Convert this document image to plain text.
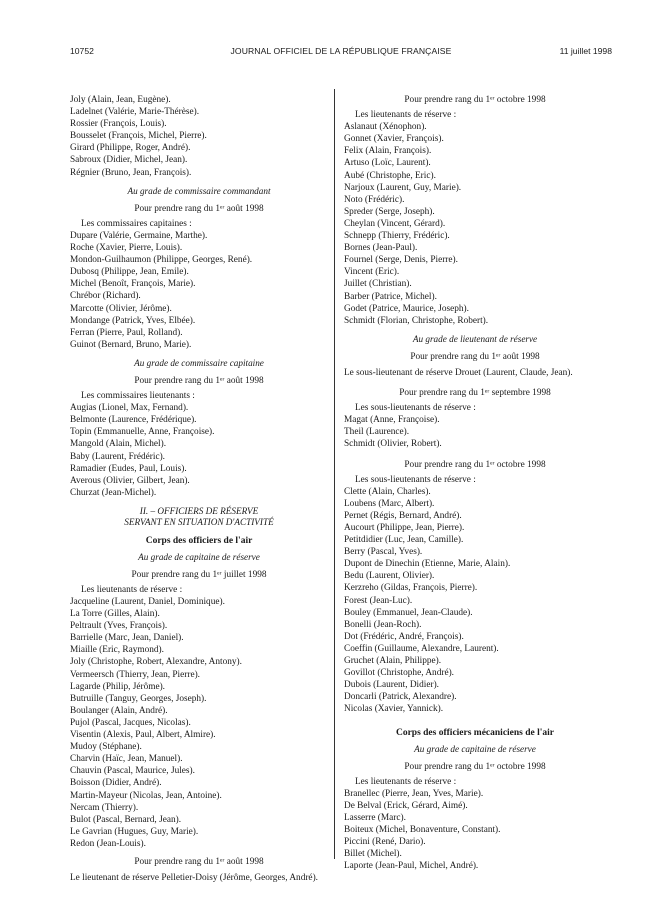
10752	JOURNAL OFFICIEL DE LA RÉPUBLIQUE FRANÇAISE	11 juillet 1998
Joly (Alain, Jean, Eugène).
Ladelnet (Valérie, Marie-Thérèse).
Rossier (François, Louis).
Bousselet (François, Michel, Pierre).
Girard (Philippe, Roger, André).
Sabroux (Didier, Michel, Jean).
Régnier (Bruno, Jean, François).
Au grade de commissaire commandant
Pour prendre rang du 1ᵉʳ août 1998
Les commissaires capitaines :
Dupare (Valérie, Germaine, Marthe).
Roche (Xavier, Pierre, Louis).
Mondon-Guilhaumon (Philippe, Georges, René).
Dubosq (Philippe, Jean, Emile).
Michel (Benoît, François, Marie).
Chrébor (Richard).
Marcotte (Olivier, Jérôme).
Mondange (Patrick, Yves, Elbée).
Ferran (Pierre, Paul, Rolland).
Guinot (Bernard, Bruno, Marie).
Au grade de commissaire capitaine
Pour prendre rang du 1ᵉʳ août 1998
Les commissaires lieutenants :
Augias (Lionel, Max, Fernand).
Belmonte (Laurence, Frédérique).
Topin (Emmanuelle, Anne, Françoise).
Mangold (Alain, Michel).
Baby (Laurent, Frédéric).
Ramadier (Eudes, Paul, Louis).
Averous (Olivier, Gilbert, Jean).
Churzat (Jean-Michel).
II. – OFFICIERS DE RÉSERVE
SERVANT EN SITUATION D'ACTIVITÉ
Corps des officiers de l'air
Au grade de capitaine de réserve
Pour prendre rang du 1ᵉʳ juillet 1998
Les lieutenants de réserve :
Jacqueline (Laurent, Daniel, Dominique).
La Torre (Gilles, Alain).
Peltrault (Yves, François).
Barrielle (Marc, Jean, Daniel).
Miaille (Eric, Raymond).
Joly (Christophe, Robert, Alexandre, Antony).
Vermeersch (Thierry, Jean, Pierre).
Lagarde (Philip, Jérôme).
Butruille (Tanguy, Georges, Joseph).
Boulanger (Alain, André).
Pujol (Pascal, Jacques, Nicolas).
Visentin (Alexis, Paul, Albert, Almire).
Mudoy (Stéphane).
Charvin (Haïc, Jean, Manuel).
Chauvin (Pascal, Maurice, Jules).
Boisson (Didier, André).
Martin-Mayeur (Nicolas, Jean, Antoine).
Nercam (Thierry).
Bulot (Pascal, Bernard, Jean).
Le Gavrian (Hugues, Guy, Marie).
Redon (Jean-Louis).
Pour prendre rang du 1ᵉʳ août 1998
Le lieutenant de réserve Pelletier-Doisy (Jérôme, Georges, André).
Pour prendre rang du 1ᵉʳ octobre 1998
Les lieutenants de réserve :
Aslanaut (Xénophon).
Gonnet (Xavier, François).
Felix (Alain, François).
Artuso (Loïc, Laurent).
Aubé (Christophe, Eric).
Narjoux (Laurent, Guy, Marie).
Noto (Frédéric).
Spreder (Serge, Joseph).
Cheylan (Vincent, Gérard).
Schnepp (Thierry, Frédéric).
Bornes (Jean-Paul).
Fournel (Serge, Denis, Pierre).
Vincent (Eric).
Juillet (Christian).
Barber (Patrice, Michel).
Godet (Patrice, Maurice, Joseph).
Schmidt (Florian, Christophe, Robert).
Au grade de lieutenant de réserve
Pour prendre rang du 1ᵉʳ août 1998
Le sous-lieutenant de réserve Drouet (Laurent, Claude, Jean).
Pour prendre rang du 1ᵉʳ septembre 1998
Les sous-lieutenants de réserve :
Magat (Anne, Françoise).
Theil (Laurence).
Schmidt (Olivier, Robert).
Pour prendre rang du 1ᵉʳ octobre 1998
Les sous-lieutenants de réserve :
Clette (Alain, Charles).
Loubens (Marc, Albert).
Pernet (Régis, Bernard, André).
Aucourt (Philippe, Jean, Pierre).
Petitdidier (Luc, Jean, Camille).
Berry (Pascal, Yves).
Dupont de Dinechin (Etienne, Marie, Alain).
Bedu (Laurent, Olivier).
Kerzreho (Gildas, François, Pierre).
Forest (Jean-Luc).
Bouley (Emmanuel, Jean-Claude).
Bonelli (Jean-Roch).
Dot (Frédéric, André, François).
Coeffin (Guillaume, Alexandre, Laurent).
Gruchet (Alain, Philippe).
Govillot (Christophe, André).
Dubois (Laurent, Didier).
Doncarli (Patrick, Alexandre).
Nicolas (Xavier, Yannick).
Corps des officiers mécaniciens de l'air
Au grade de capitaine de réserve
Pour prendre rang du 1ᵉʳ octobre 1998
Les lieutenants de réserve :
Branellec (Pierre, Jean, Yves, Marie).
De Belval (Erick, Gérard, Aimé).
Lasserre (Marc).
Boiteux (Michel, Bonaventure, Constant).
Piccini (René, Dario).
Billet (Michel).
Laporte (Jean-Paul, Michel, André).
